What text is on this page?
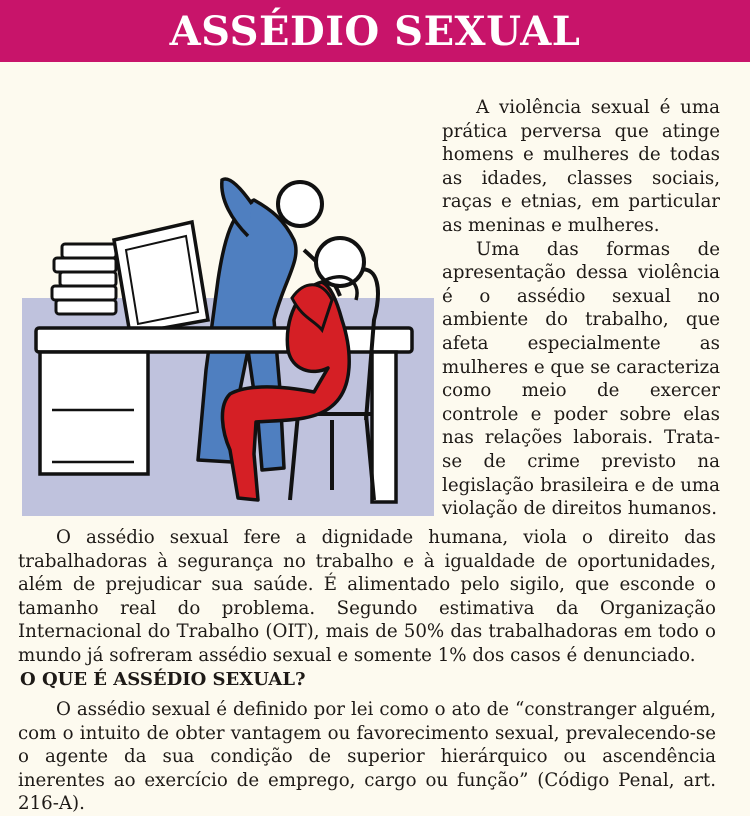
ASSÉDIO SEXUAL

A violência sexual é uma prática perversa que atinge homens e mulheres de todas as idades, classes sociais, raças e etnias, em particular as meninas e mulheres.

Uma das formas de apresentação dessa violência é o assédio sexual no ambiente do trabalho, que afeta especialmente as mulheres e que se caracteriza como meio de exercer controle e poder sobre elas nas relações laborais. Trata-se de crime previsto na legislação brasileira e de uma violação de direitos humanos.

O assédio sexual fere a dignidade humana, viola o direito das trabalhadoras à segurança no trabalho e à igualdade de oportunidades, além de prejudicar sua saúde. É alimentado pelo sigilo, que esconde o tamanho real do problema. Segundo estimativa da Organização Internacional do Trabalho (OIT), mais de 50% das trabalhadoras em todo o mundo já sofreram assédio sexual e somente 1% dos casos é denunciado.

O QUE É ASSÉDIO SEXUAL?

O assédio sexual é definido por lei como o ato de “constranger alguém, com o intuito de obter vantagem ou favorecimento sexual, prevalecendo-se o agente da sua condição de superior hierárquico ou ascendência inerentes ao exercício de emprego, cargo ou função” (Código Penal, art. 216-A).
